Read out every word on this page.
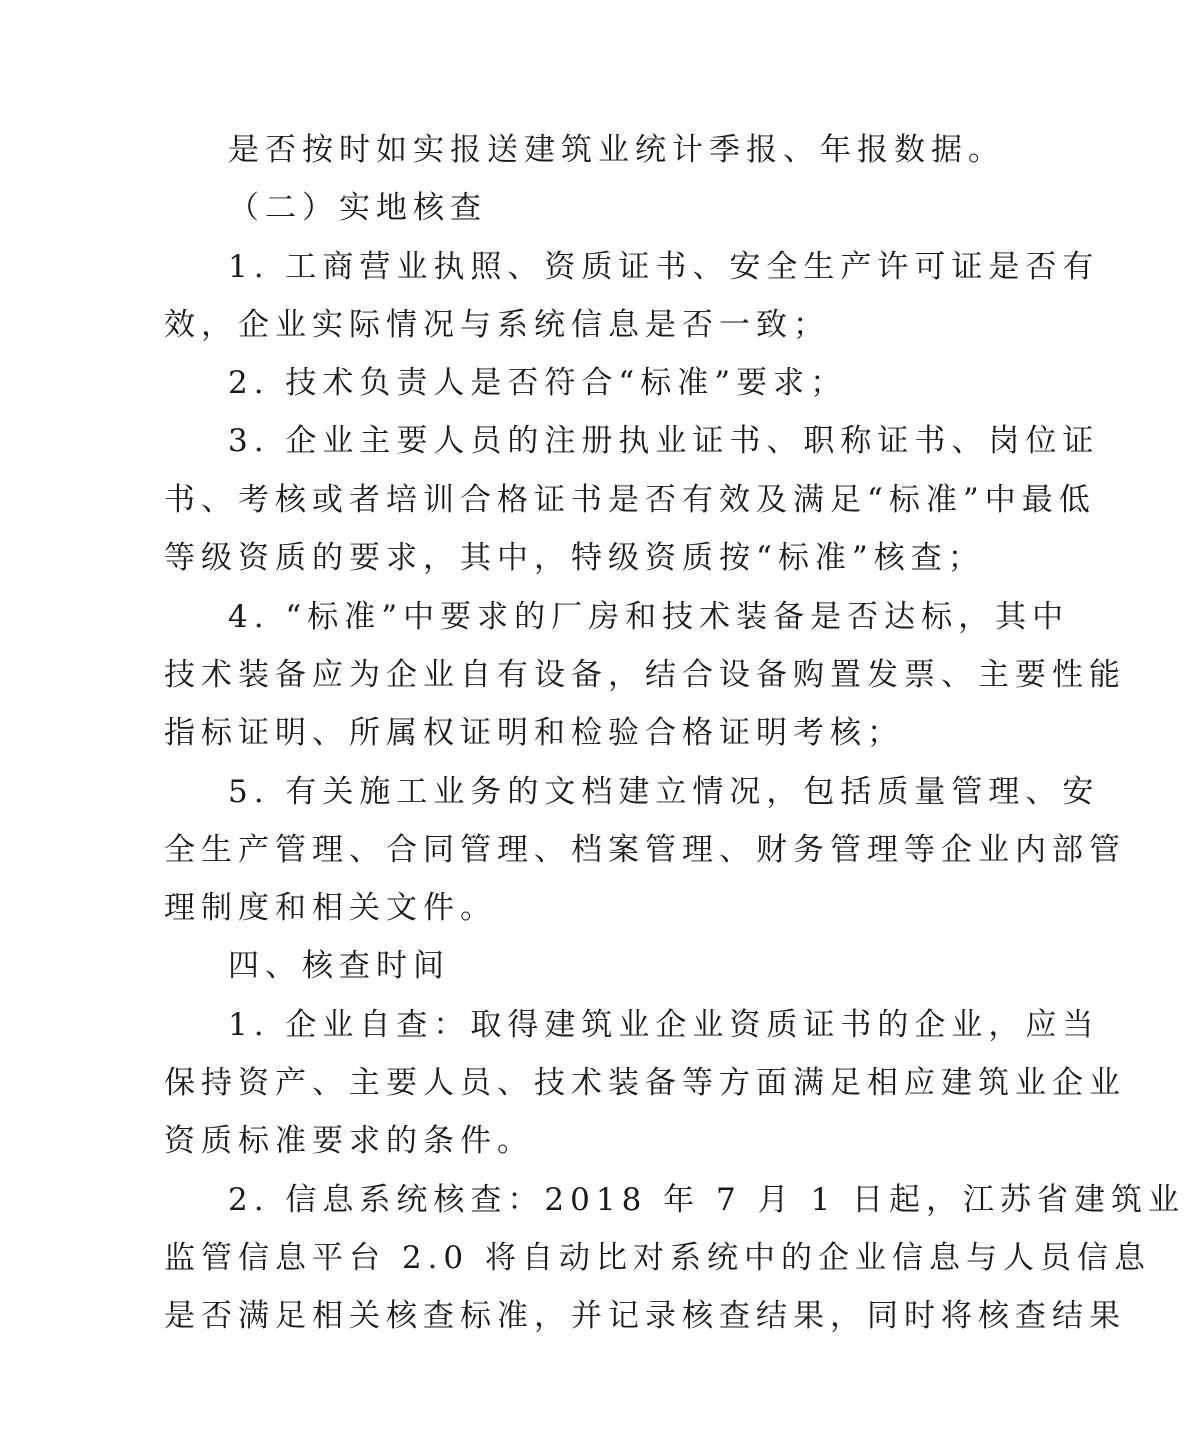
是否按时如实报送建筑业统计季报、年报数据。
（二）实地核查
1. 工商营业执照、资质证书、安全生产许可证是否有
效，企业实际情况与系统信息是否一致；
2. 技术负责人是否符合“标准”要求；
3. 企业主要人员的注册执业证书、职称证书、岗位证
书、考核或者培训合格证书是否有效及满足“标准”中最低
等级资质的要求，其中，特级资质按“标准”核查；
4. “标准”中要求的厂房和技术装备是否达标，其中
技术装备应为企业自有设备，结合设备购置发票、主要性能
指标证明、所属权证明和检验合格证明考核；
5. 有关施工业务的文档建立情况，包括质量管理、安
全生产管理、合同管理、档案管理、财务管理等企业内部管
理制度和相关文件。
四、核查时间
1. 企业自查：取得建筑业企业资质证书的企业，应当
保持资产、主要人员、技术装备等方面满足相应建筑业企业
资质标准要求的条件。
2. 信息系统核查：2018 年 7 月 1 日起，江苏省建筑业
监管信息平台 2.0 将自动比对系统中的企业信息与人员信息
是否满足相关核查标准，并记录核查结果，同时将核查结果
